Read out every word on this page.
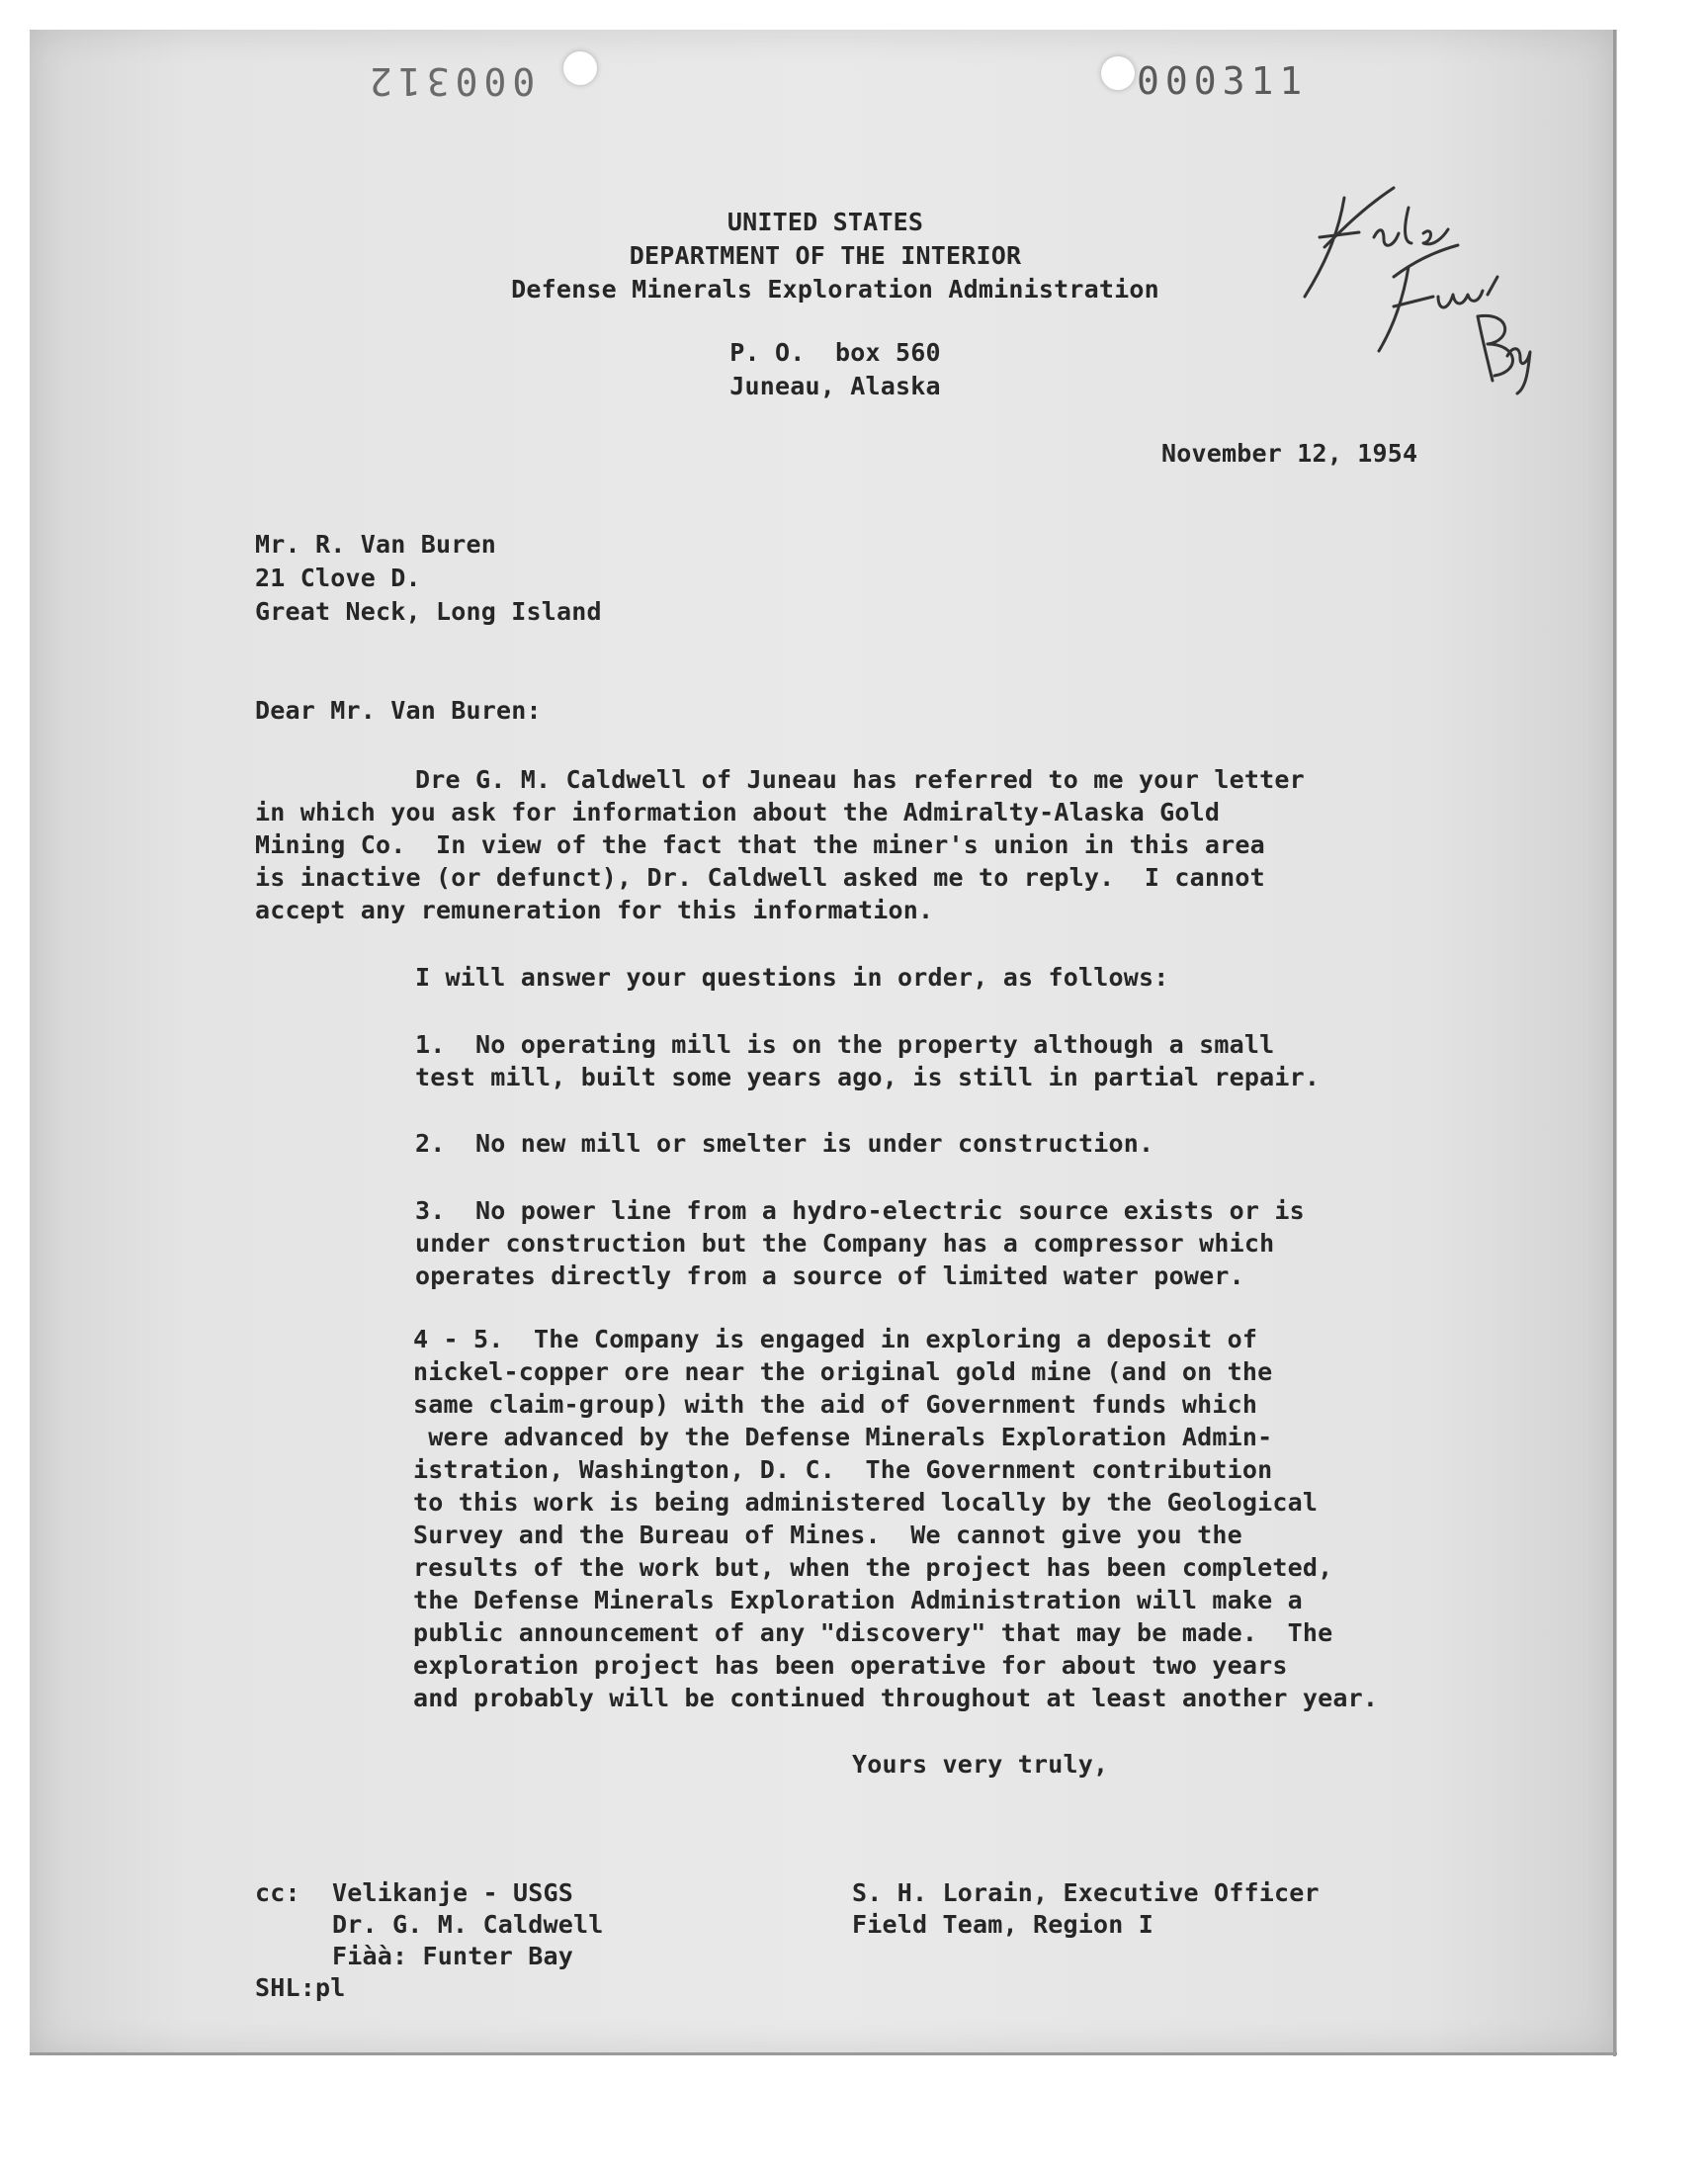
000312	000311
UNITED STATES
DEPARTMENT OF THE INTERIOR
Defense Minerals Exploration Administration
P. O.  box 560
Juneau, Alaska
November 12, 1954
Mr. R. Van Buren
21 Clove D.
Great Neck, Long Island
Dear Mr. Van Buren:
Dre G. M. Caldwell of Juneau has referred to me your letter
in which you ask for information about the Admiralty-Alaska Gold
Mining Co.  In view of the fact that the miner's union in this area
is inactive (or defunct), Dr. Caldwell asked me to reply.  I cannot
accept any remuneration for this information.
I will answer your questions in order, as follows:
1.  No operating mill is on the property although a small
test mill, built some years ago, is still in partial repair.
2.  No new mill or smelter is under construction.
3.  No power line from a hydro-electric source exists or is
under construction but the Company has a compressor which
operates directly from a source of limited water power.
4 - 5.  The Company is engaged in exploring a deposit of
nickel-copper ore near the original gold mine (and on the
same claim-group) with the aid of Government funds which
were advanced by the Defense Minerals Exploration Admin-
istration, Washington, D. C.  The Government contribution
to this work is being administered locally by the Geological
Survey and the Bureau of Mines.  We cannot give you the
results of the work but, when the project has been completed,
the Defense Minerals Exploration Administration will make a
public announcement of any "discovery" that may be made.  The
exploration project has been operative for about two years
and probably will be continued throughout at least another year.
Yours very truly,
cc: Velikanje - USGS
Dr. G. M. Caldwell
Fiàà: Funter Bay
SHL:pl
S. H. Lorain, Executive Officer
Field Team, Region I
